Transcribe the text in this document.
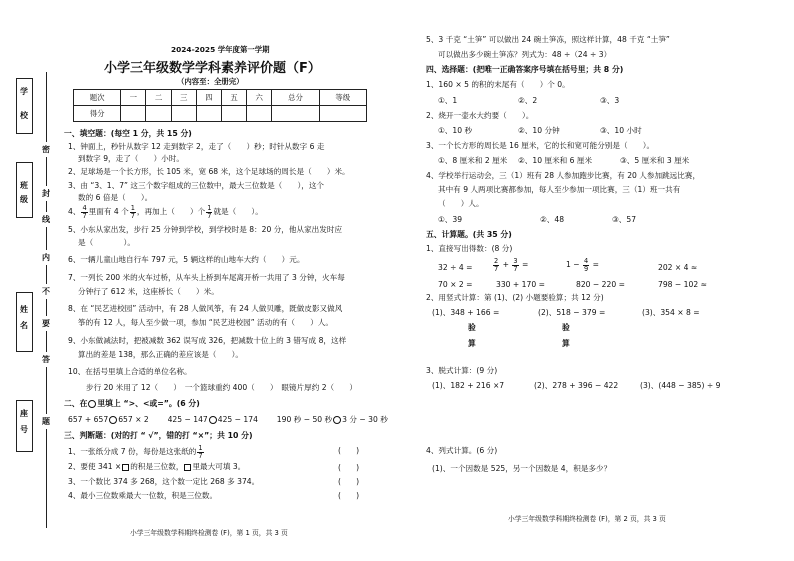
学
校
班
级
姓
名
座
号
密
封
线
内
不
要
答
题
2024-2025 学年度第一学期
小学三年级数学学科素养评价题（F）
（内容至：全册完）
题次	一	二	三	四	五	六	总分	等级
得分								
一、填空题：(每空 1 分，共 15 分)
1、钟面上，秒针从数字 12 走到数字 2，走了（　　）秒；时针从数字 6 走
到数字 9，走了（　　）小时。
2、足球场是一个长方形，长 105 米，宽 68 米，这个足球场的周长是（　　）米。
3、由 “3、1、7” 这三个数字组成的三位数中，最大三位数是（　　），这个
数的 6 倍是（　　）。
4、 $\frac{4}{7}$ 里面有 4 个 $\frac{1}{7}$ ，再加上（　　）个 $\frac{1}{7}$ 就是（　　）。
5、小东从家出发，步行 25 分钟到学校，到学校时是 8：20 分，他从家出发时应
是（　　　　）。
6、一辆儿童山地自行车 797 元，5 辆这样的山地车大约（　　）元。
7、一列长 200 米的火车过桥，从车头上桥到车尾离开桥一共用了 3 分钟，火车每
分钟行了 612 米，这座桥长（　　）米。
8、在 “民艺进校园” 活动中，有 28 人做风筝，有 24 人做贝雕，既做皮影又做风
筝的有 12 人，每人至少做一项，参加 “民艺进校园” 活动的有（　　）人。
9、小东做减法时，把被减数 362 误写成 326，把减数十位上的 3 错写成 8，这样
算出的差是 138，那么正确的差应该是（　　）。
10、在括号里填上合适的单位名称。
步行 20 米用了 12（　　）　一个篮球重约 400（　　）　眼镜片厚约 2（　　）
二、在 里填上 “>、<或=”。(6 分)
657 + 657 657 × 2 425 − 147 425 − 174 190 秒 − 50 秒 3 分 − 30 秒
三、判断题：(对的打 “ √”，错的打 “×”；共 10 分)
1、一张纸分成 7 份，每份是这张纸的 $\frac{1}{7}$	(　　)
2、要使 341 × 的积是三位数， 里最大可填 3。	(　　)
3、一个数比 374 多 268，这个数一定比 268 多 374。	(　　)
4、最小三位数乘最大一位数，积是三位数。	(　　)
小学三年级数学科期终检测卷 (F)，第 1 页，共 3 页
5、3 千克 “土笋” 可以做出 24 碗土笋冻，照这样计算，48 千克 “土笋”
可以做出多少碗土笋冻？列式为：48 ÷（24 ÷ 3）
四、选择题：(把唯一正确答案序号填在括号里；共 8 分)
1、160 × 5 的积的末尾有（　　）个 0。
①、1	②、2	③、3
2、烧开一壶水大约要（　　）。
①、10 秒	②、10 分钟	③、10 小时
3、一个长方形的周长是 16 厘米，它的长和宽可能分别是（　　）。
①、8 厘米和 2 厘米 ②、10 厘米和 6 厘米	③、5 厘米和 3 厘米
4、学校举行运动会，三（1）班有 28 人参加跑步比赛，有 20 人参加跳远比赛，
其中有 9 人两项比赛都参加，每人至少参加一项比赛，三（1）班一共有
（　　）人。
①、39	②、48	③、57
五、计算题。(共 35 分)
1、直接写出得数：(8 分)
32 ÷ 4 =	$\frac{2}{7} + \frac{3}{7}$ =	$1 - \frac{4}{9}$ =	202 × 4 ≈
70 × 2 =	330 + 170 =	820 − 220 =	798 − 102 ≈
2、用竖式计算：第 (1)、(2) 小题要验算；共 12 分)
(1)、348 + 166 =	(2)、518 − 379 =	(3)、354 × 8 =
验	验
算	算
3、脱式计算：(9 分)
(1)、182 + 216 ×7	(2)、278 + 396 − 422	(3)、(448 − 385) ÷ 9
4、列式计算。(6 分)
(1)、一个因数是 525，另一个因数是 4，积是多少？
小学三年级数学科期终检测卷 (F)，第 2 页，共 3 页
